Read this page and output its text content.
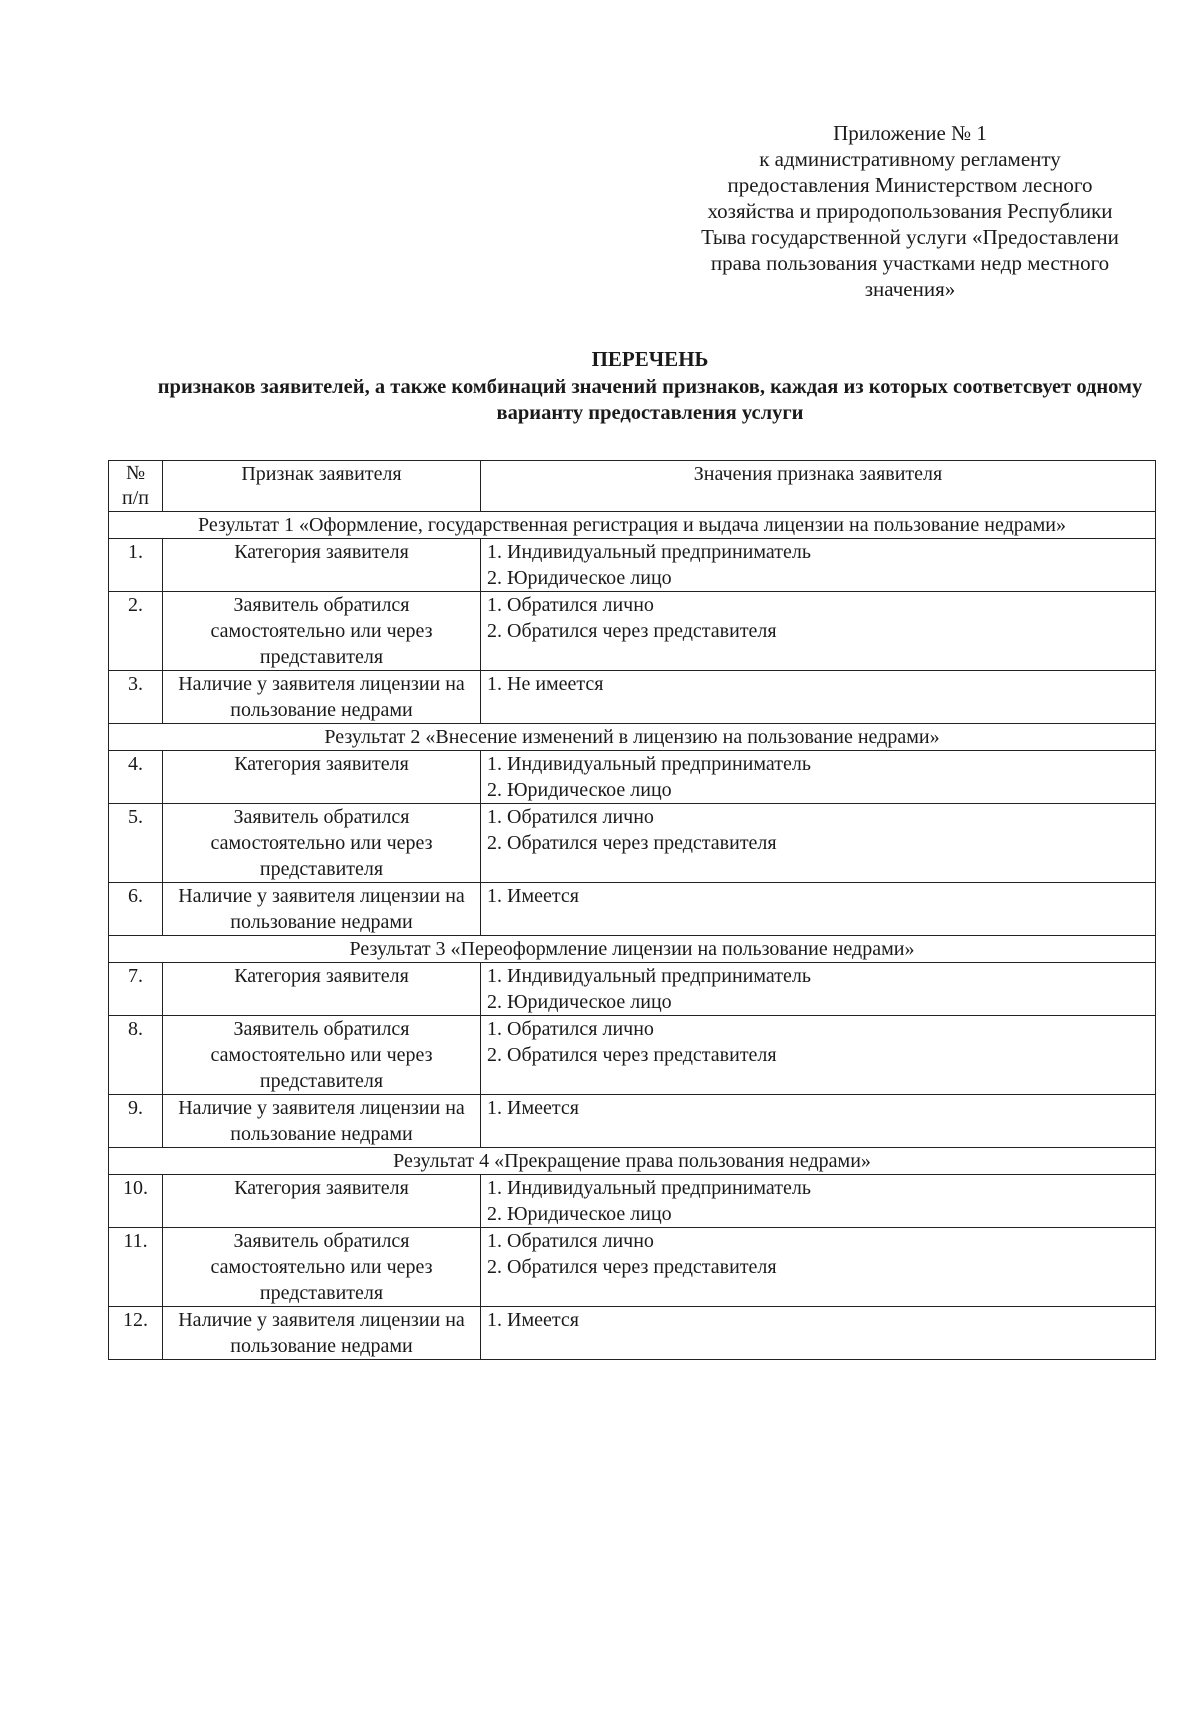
Приложение № 1
к административному регламенту
предоставления Министерством лесного
хозяйства и природопользования Республики
Тыва государственной услуги «Предоставлени
права пользования участками недр местного
значения»
ПЕРЕЧЕНЬ
признаков заявителей, а также комбинаций значений признаков, каждая из которых соответсвует одному варианту предоставления услуги
№
п/п	Признак заявителя	Значения признака заявителя
Результат 1 «Оформление, государственная регистрация и выдача лицензии на пользование недрами»		
1.	Категория заявителя	1. Индивидуальный предприниматель
2. Юридическое лицо

2.	Заявитель обратился самостоятельно или через представителя	1. Обратился лично
2. Обратился через представителя

3.	Наличие у заявителя лицензии на пользование недрами	1. Не имеется

Результат 2 «Внесение изменений в лицензию на пользование недрами»		
4.	Категория заявителя	1. Индивидуальный предприниматель
2. Юридическое лицо

5.	Заявитель обратился самостоятельно или через представителя	1. Обратился лично
2. Обратился через представителя

6.	Наличие у заявителя лицензии на пользование недрами	1. Имеется

Результат 3 «Переоформление лицензии на пользование недрами»		
7.	Категория заявителя	1. Индивидуальный предприниматель
2. Юридическое лицо

8.	Заявитель обратился самостоятельно или через представителя	1. Обратился лично
2. Обратился через представителя

9.	Наличие у заявителя лицензии на пользование недрами	1. Имеется

Результат 4 «Прекращение права пользования недрами»		
10.	Категория заявителя	1. Индивидуальный предприниматель
2. Юридическое лицо

11.	Заявитель обратился самостоятельно или через представителя	1. Обратился лично
2. Обратился через представителя

12.	Наличие у заявителя лицензии на пользование недрами	1. Имеется
